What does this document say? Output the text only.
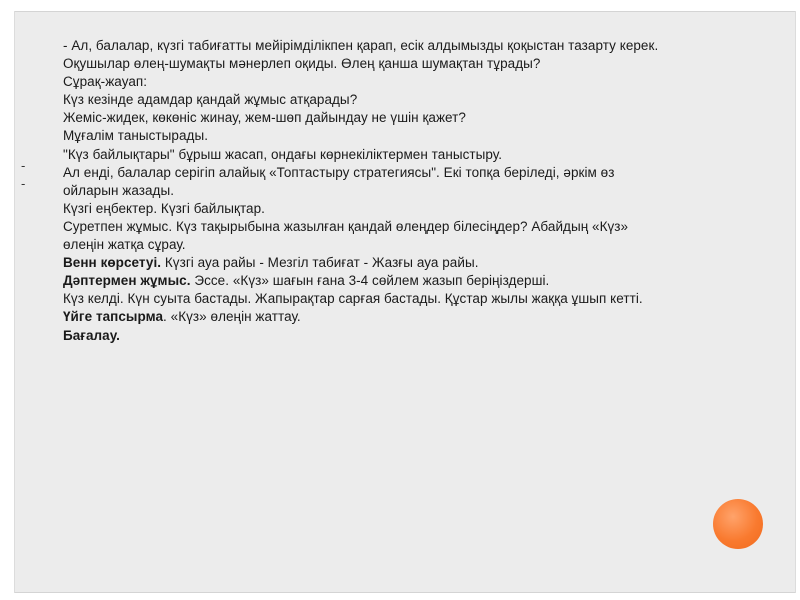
-
-
- Ал, балалар, күзгі табиғатты мейірімділікпен қарап, есік алдымызды қоқыстан тазарту керек.
Оқушылар өлең-шумақты мәнерлеп оқиды. Өлең қанша шумақтан тұрады?
Сұрақ-жауап:
Күз кезінде адамдар қандай жұмыс атқарады?
Жеміс-жидек, көкөніс жинау, жем-шөп дайындау не үшін қажет?
Мұғалім таныстырады.
"Күз байлықтары" бұрыш жасап, ондағы көрнекіліктермен таныстыру.
Ал енді, балалар серігіп алайық «Топтастыру стратегиясы". Екі топқа беріледі, әркім өз
ойларын жазады.
Күзгі еңбектер. Күзгі байлықтар.
Суретпен жұмыс. Күз тақырыбына жазылған қандай өлеңдер білесіңдер? Абайдың «Күз»
өлеңін жатқа сұрау.
Венн көрсетуі. Күзгі ауа райы - Мезгіл табиғат - Жазғы ауа райы.
Дәптермен жұмыс. Эссе. «Күз» шағын ғана 3-4 сөйлем жазып беріңіздерші.
Күз келді. Күн суыта бастады. Жапырақтар сарғая бастады. Құстар жылы жаққа ұшып кетті.
Үйге тапсырма. «Күз» өлеңін жаттау.
Бағалау.
